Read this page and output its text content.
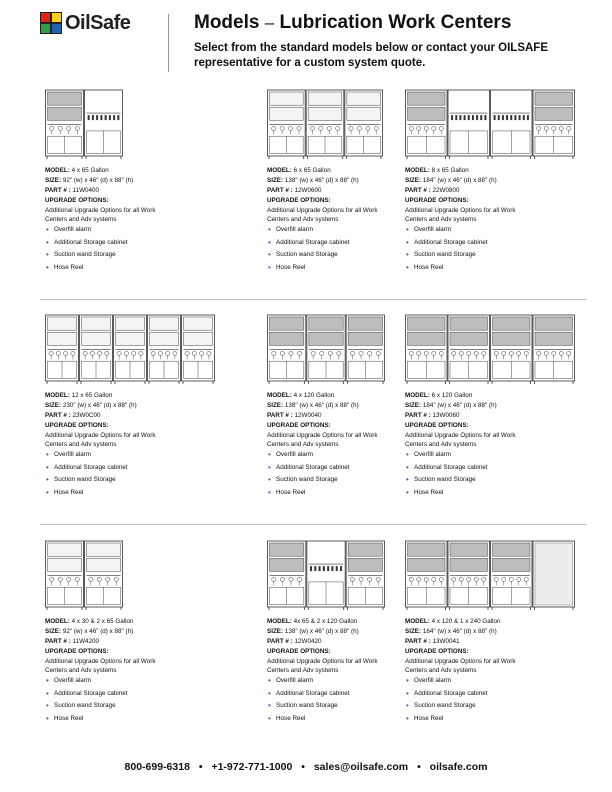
OilSafe	Models – Lubrication Work Centers
Select from the standard models below or contact your OILSAFE representative for a custom system quote.
MODEL: 4 x 65 Gallon
SIZE: 92" (w) x 46" (d) x 88" (h)
PART # : 11W0400
UPGRADE OPTIONS:
Additional Upgrade Options for all Work Centers and Adv systems
• Overfill alarm
• Additional Storage cabinet
• Suction wand Storage
• Hose Reel
MODEL: 6 x 65 Gallon
SIZE: 138" (w) x 46" (d) x 88" (h)
PART # : 12W0600
UPGRADE OPTIONS:
Additional Upgrade Options for all Work Centers and Adv systems
• Overfill alarm
• Additional Storage cabinet
• Suction wand Storage
• Hose Reel
MODEL: 8 x 65 Gallon
SIZE: 184" (w) x 46" (d) x 88" (h)
PART # : 22W0800
UPGRADE OPTIONS:
Additional Upgrade Options for all Work Centers and Adv systems
• Overfill alarm
• Additional Storage cabinet
• Suction wand Storage
• Hose Reel
MODEL: 12 x 65 Gallon
SIZE: 230" (w) x 46" (d) x 88" (h)
PART # : 23W0C00
UPGRADE OPTIONS:
Additional Upgrade Options for all Work Centers and Adv systems
• Overfill alarm
• Additional Storage cabinet
• Suction wand Storage
• Hose Reel
MODEL: 4 x 120 Gallon
SIZE: 138" (w) x 46" (d) x 88" (h)
PART # : 12W0040
UPGRADE OPTIONS:
Additional Upgrade Options for all Work Centers and Adv systems
• Overfill alarm
• Additional Storage cabinet
• Suction wand Storage
• Hose Reel
MODEL: 6 x 120 Gallon
SIZE: 184" (w) x 46" (d) x 88" (h)
PART # : 13W0060
UPGRADE OPTIONS:
Additional Upgrade Options for all Work Centers and Adv systems
• Overfill alarm
• Additional Storage cabinet
• Suction wand Storage
• Hose Reel
MODEL: 4 x 30 & 2 x 65 Gallon
SIZE: 92" (w) x 46" (d) x 88" (h)
PART # : 11W4200
UPGRADE OPTIONS:
Additional Upgrade Options for all Work Centers and Adv systems
• Overfill alarm
• Additional Storage cabinet
• Suction wand Storage
• Hose Reel
MODEL: 4x 65 & 2 x 120 Gallon
SIZE: 138" (w) x 46" (d) x 88" (h)
PART # : 12W0420
UPGRADE OPTIONS:
Additional Upgrade Options for all Work Centers and Adv systems
• Overfill alarm
• Additional Storage cabinet
• Suction wand Storage
• Hose Reel
MODEL: 4 x 120 & 1 x 240 Gallon
SIZE: 184" (w) x 46" (d) x 88" (h)
PART # : 13W0041
UPGRADE OPTIONS:
Additional Upgrade Options for all Work Centers and Adv systems
• Overfill alarm
• Additional Storage cabinet
• Suction wand Storage
• Hose Reel
800-699-6318 • +1-972-771-1000 • sales@oilsafe.com • oilsafe.com
